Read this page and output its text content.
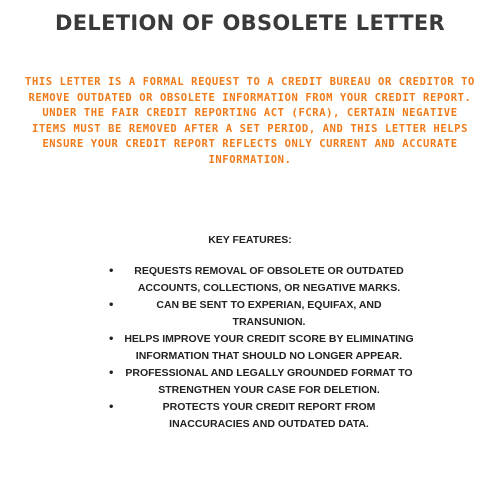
DELETION OF OBSOLETE LETTER

THIS LETTER IS A FORMAL REQUEST TO A CREDIT BUREAU OR CREDITOR TO REMOVE OUTDATED OR OBSOLETE INFORMATION FROM YOUR CREDIT REPORT. UNDER THE FAIR CREDIT REPORTING ACT (FCRA), CERTAIN NEGATIVE ITEMS MUST BE REMOVED AFTER A SET PERIOD, AND THIS LETTER HELPS ENSURE YOUR CREDIT REPORT REFLECTS ONLY CURRENT AND ACCURATE INFORMATION.

KEY FEATURES:

•	REQUESTS REMOVAL OF OBSOLETE OR OUTDATED ACCOUNTS, COLLECTIONS, OR NEGATIVE MARKS.
•	CAN BE SENT TO EXPERIAN, EQUIFAX, AND TRANSUNION.
• HELPS IMPROVE YOUR CREDIT SCORE BY ELIMINATING INFORMATION THAT SHOULD NO LONGER APPEAR.
•	PROFESSIONAL AND LEGALLY GROUNDED FORMAT TO STRENGTHEN YOUR CASE FOR DELETION.
•	PROTECTS YOUR CREDIT REPORT FROM INACCURACIES AND OUTDATED DATA.
